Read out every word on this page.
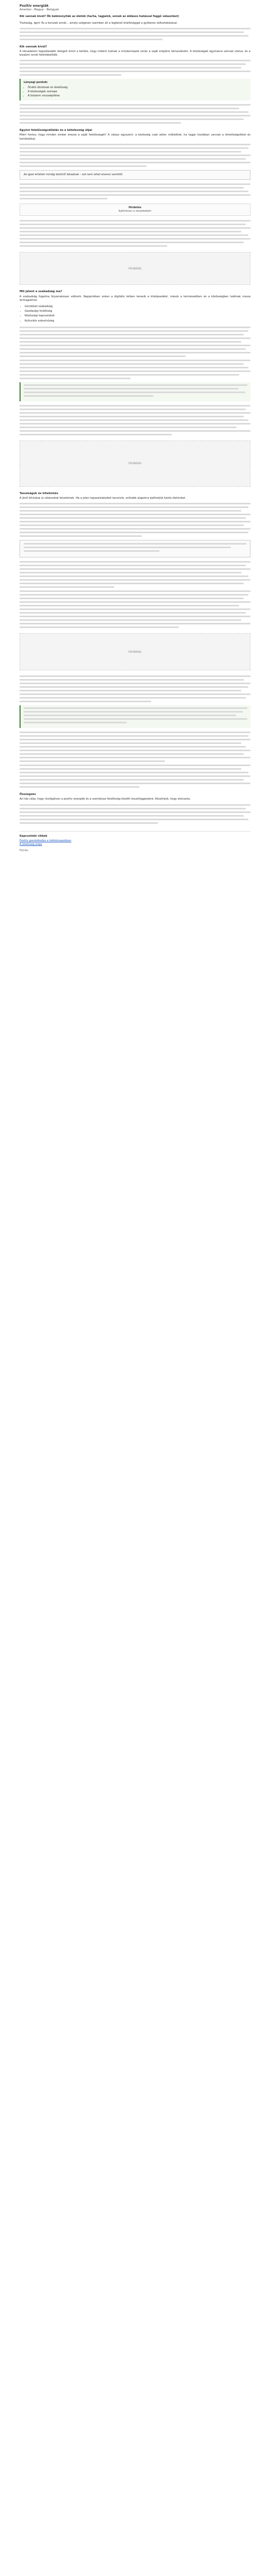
Pozitív energiák
Amerikai - Magyar - Belügyek

Kik vannak kívül? Ők bebizonyíták az életük (ha/ha, tagjaink, ennek az áldásos hatással függő választást)

Tisztaság, igen! Ez a korszak annál... amely szögesen szemben áll a legbelső önállósággal a gyökeres változtatásával.

Kik vannak kívül?

A társadalom legszélesebb rétegeit érinti a kérdés, hogy miként tudnak a mindennapok során a saját erejükre támaszkodni. A közösségek egymásra vannak utalva, és a bizalom ismét felértékelődik.

Lényegi pontok:
• Önálló döntések és felelősség
• A közösségek szerepe
• A bizalom visszaépítése
Egyéni felelősségvállalás és a kötelesség útjai

Miért fontos, hogy minden ember érezze a saját felelősségét? A válasz egyszerű: a közösség csak akkor működhet, ha tagjai tisztában vannak a lehetőségeikkel és korlátaikkal.

Az igazi értékek mindig belülről fakadnak – ezt nem lehet elvenni senkitől.
Hirdetés
Kattintson a részletekért
Hirdetés
Mit jelent a szabadság ma?

A szabadság fogalma folyamatosan változik. Napjainkban sokan a digitális térben keresik a kiteljesedést, mások a természetben és a közösségben találnak vissza önmagukhoz.

• Gondolati szabadság
• Gazdasági önállóság
• Közösségi kapcsolatok
• Kulturális sokszínűség
Hirdetés
Tanulságok és kitekintés

A jövő kihívásai új válaszokat követelnek. Ha a jelen tapasztalataiból tanulunk, erősebb alapokra építhetjük közös életünket.

Hirdetés
Összegzés

Az írás célja, hogy rávilágítson a pozitív energiák és a személyes felelősség közötti összefüggésekre. Köszönjük, hogy elolvasta.

Kapcsolódó cikkek
Pozitív gondolkodás a hétköznapokban
A közösség ereje
Forrás:
